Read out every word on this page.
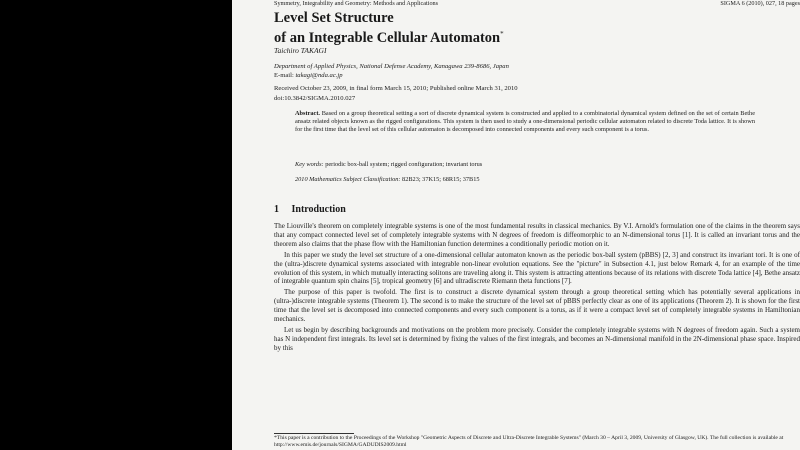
Symmetry, Integrability and Geometry: Methods and Applications	SIGMA 6 (2010), 027, 18 pages
Level Set Structure
of an Integrable Cellular Automaton*
Taichiro TAKAGI
Department of Applied Physics, National Defense Academy, Kanagawa 239-8686, Japan
E-mail: takagi@nda.ac.jp
Received October 23, 2009, in final form March 15, 2010; Published online March 31, 2010
doi:10.3842/SIGMA.2010.027
Abstract. Based on a group theoretical setting a sort of discrete dynamical system is constructed and applied to a combinatorial dynamical system defined on the set of certain Bethe ansatz related objects known as the rigged configurations. This system is then used to study a one-dimensional periodic cellular automaton related to discrete Toda lattice. It is shown for the first time that the level set of this cellular automaton is decomposed into connected components and every such component is a torus.
Key words: periodic box-ball system; rigged configuration; invariant torus
2010 Mathematics Subject Classification: 82B23; 37K15; 68R15; 37B15
1 Introduction

The Liouville's theorem on completely integrable systems is one of the most fundamental results in classical mechanics. By V.I. Arnold's formulation one of the claims in the theorem says that any compact connected level set of completely integrable systems with N degrees of freedom is diffeomorphic to an N-dimensional torus [1]. It is called an invariant torus and the theorem also claims that the phase flow with the Hamiltonian function determines a conditionally periodic motion on it.

In this paper we study the level set structure of a one-dimensional cellular automaton known as the periodic box-ball system (pBBS) [2, 3] and construct its invariant tori. It is one of the (ultra-)discrete dynamical systems associated with integrable non-linear evolution equations. See the "picture" in Subsection 4.1, just below Remark 4, for an example of the time evolution of this system, in which mutually interacting solitons are traveling along it. This system is attracting attentions because of its relations with discrete Toda lattice [4], Bethe ansatz of integrable quantum spin chains [5], tropical geometry [6] and ultradiscrete Riemann theta functions [7].

The purpose of this paper is twofold. The first is to construct a discrete dynamical system through a group theoretical setting which has potentially several applications in (ultra-)discrete integrable systems (Theorem 1). The second is to make the structure of the level set of pBBS perfectly clear as one of its applications (Theorem 2). It is shown for the first time that the level set is decomposed into connected components and every such component is a torus, as if it were a compact level set of completely integrable systems in Hamiltonian mechanics.

Let us begin by describing backgrounds and motivations on the problem more precisely. Consider the completely integrable systems with N degrees of freedom again. Such a system has N independent first integrals. Its level set is determined by fixing the values of the first integrals, and becomes an N-dimensional manifold in the 2N-dimensional phase space. Inspired by this

*This paper is a contribution to the Proceedings of the Workshop "Geometric Aspects of Discrete and Ultra-Discrete Integrable Systems" (March 30 – April 3, 2009, University of Glasgow, UK). The full collection is available at http://www.emis.de/journals/SIGMA/GADUDIS2009.html
